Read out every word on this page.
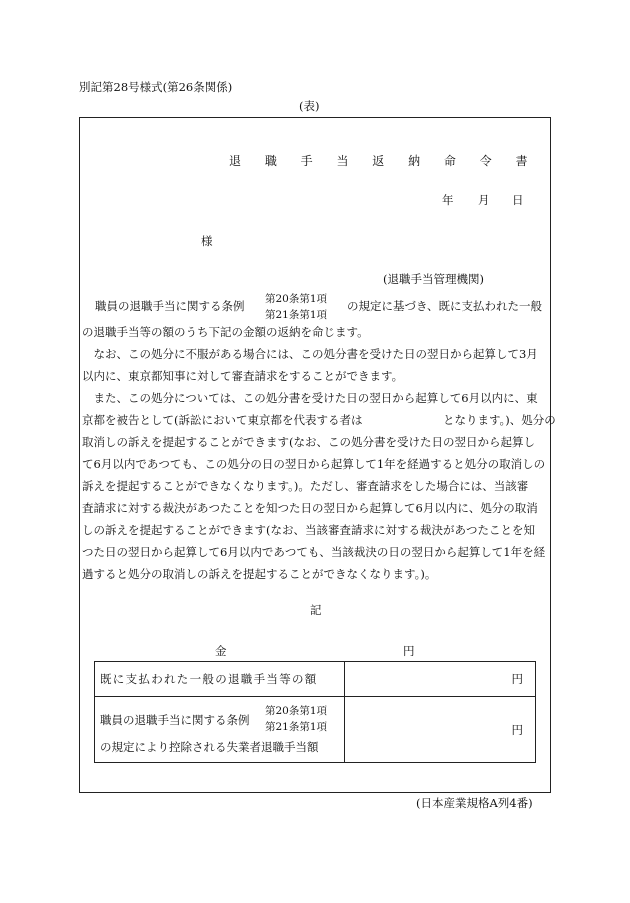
別記第28号様式(第26条関係)
(表)
退 職 手 当 返 納 命 令 書
年 月 日
様
(退職手当管理機関)
職員の退職手当に関する条例 第20条第1項
第21条第1項
の規定に基づき、既に支払われた一般
の退職手当等の額のうち下記の金額の返納を命じます。
　なお、この処分に不服がある場合には、この処分書を受けた日の翌日から起算して3月
以内に、東京都知事に対して審査請求をすることができます。
　また、この処分については、この処分書を受けた日の翌日から起算して6月以内に、東
京都を被告として(訴訟において東京都を代表する者は　　　　　　　となります。)、処分の
取消しの訴えを提起することができます(なお、この処分書を受けた日の翌日から起算し
て6月以内であつても、この処分の日の翌日から起算して1年を経過すると処分の取消しの
訴えを提起することができなくなります。)。ただし、審査請求をした場合には、当該審
査請求に対する裁決があつたことを知つた日の翌日から起算して6月以内に、処分の取消
しの訴えを提起することができます(なお、当該審査請求に対する裁決があつたことを知
つた日の翌日から起算して6月以内であつても、当該裁決の日の翌日から起算して1年を経
過すると処分の取消しの訴えを提起することができなくなります。)。
記
金	円
既に支払われた一般の退職手当等の額	円

職員の退職手当に関する条例
第20条第1項
第21条第1項
の規定により控除される失業者退職手当額	円
(日本産業規格A列4番)
